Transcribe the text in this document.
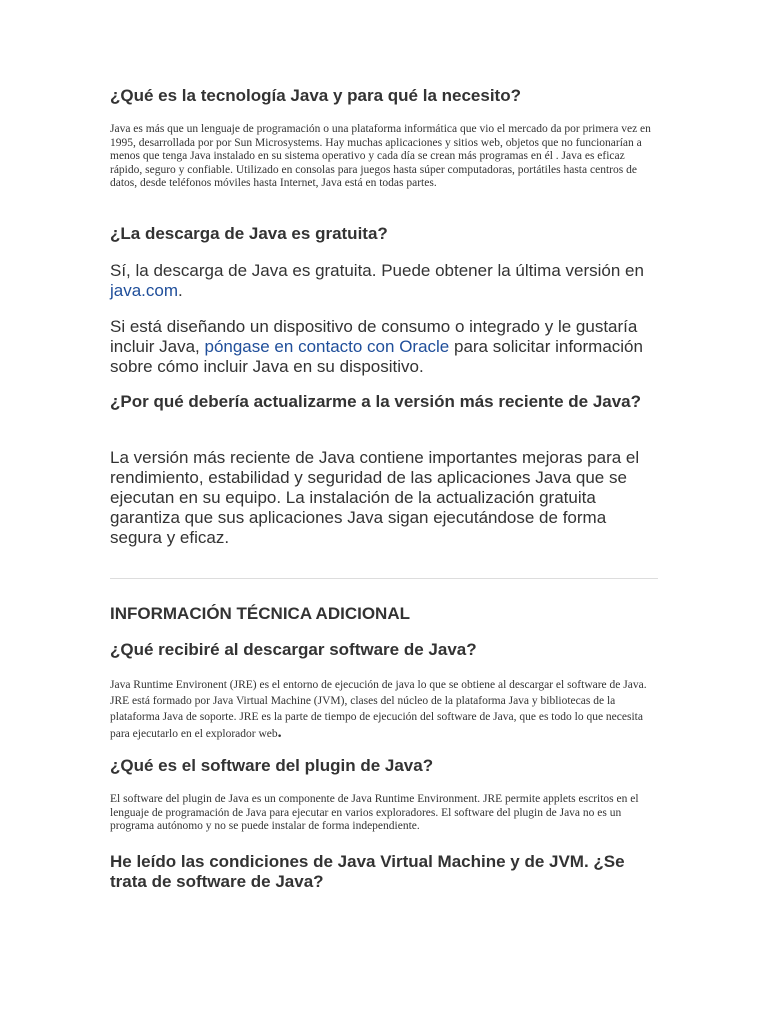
¿Qué es la tecnología Java y para qué la necesito?

Java es más que un lenguaje de programación o una plataforma informática que vio el mercado da por primera vez en 1995, desarrollada por por Sun Microsystems. Hay muchas aplicaciones y sitios web, objetos que no funcionarían a menos que tenga Java instalado en su sistema operativo y cada día se crean más programas en él . Java es eficaz rápido, seguro y confiable. Utilizado en consolas para juegos hasta súper computadoras, portátiles hasta centros de datos, desde teléfonos móviles hasta Internet, Java está en todas partes.

¿La descarga de Java es gratuita?

Sí, la descarga de Java es gratuita. Puede obtener la última versión en java.com.

Si está diseñando un dispositivo de consumo o integrado y le gustaría incluir Java, póngase en contacto con Oracle para solicitar información sobre cómo incluir Java en su dispositivo.

¿Por qué debería actualizarme a la versión más reciente de Java?

La versión más reciente de Java contiene importantes mejoras para el rendimiento, estabilidad y seguridad de las aplicaciones Java que se ejecutan en su equipo. La instalación de la actualización gratuita garantiza que sus aplicaciones Java sigan ejecutándose de forma segura y eficaz.

INFORMACIÓN TÉCNICA ADICIONAL
¿Qué recibiré al descargar software de Java?

Java Runtime Environent (JRE) es el entorno de ejecución de java lo que se obtiene al descargar el software de Java. JRE está formado por Java Virtual Machine (JVM), clases del núcleo de la plataforma Java y bibliotecas de la plataforma Java de soporte. JRE es la parte de tiempo de ejecución del software de Java, que es todo lo que necesita para ejecutarlo en el explorador web.

¿Qué es el software del plugin de Java?

El software del plugin de Java es un componente de Java Runtime Environment. JRE permite applets escritos en el lenguaje de programación de Java para ejecutar en varios exploradores. El software del plugin de Java no es un programa autónomo y no se puede instalar de forma independiente.

He leído las condiciones de Java Virtual Machine y de JVM. ¿Se trata de software de Java?
